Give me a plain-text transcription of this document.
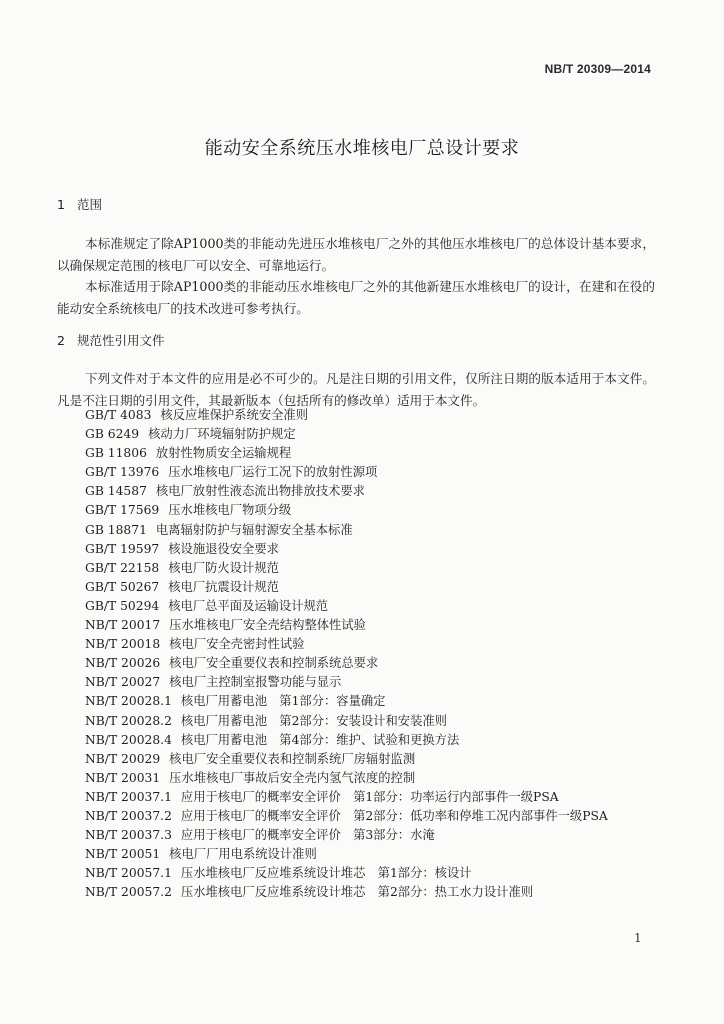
NB/T 20309—2014
能动安全系统压水堆核电厂总设计要求
1 范围

本标准规定了除AP1000类的非能动先进压水堆核电厂之外的其他压水堆核电厂的总体设计基本要求，以确保规定范围的核电厂可以安全、可靠地运行。

本标准适用于除AP1000类的非能动压水堆核电厂之外的其他新建压水堆核电厂的设计，在建和在役的能动安全系统核电厂的技术改进可参考执行。

2 规范性引用文件

下列文件对于本文件的应用是必不可少的。凡是注日期的引用文件，仅所注日期的版本适用于本文件。凡是不注日期的引用文件，其最新版本（包括所有的修改单）适用于本文件。

GB/T 4083 核反应堆保护系统安全准则
GB 6249 核动力厂环境辐射防护规定
GB 11806 放射性物质安全运输规程
GB/T 13976 压水堆核电厂运行工况下的放射性源项
GB 14587 核电厂放射性液态流出物排放技术要求
GB/T 17569 压水堆核电厂物项分级
GB 18871 电离辐射防护与辐射源安全基本标准
GB/T 19597 核设施退役安全要求
GB/T 22158 核电厂防火设计规范
GB/T 50267 核电厂抗震设计规范
GB/T 50294 核电厂总平面及运输设计规范
NB/T 20017 压水堆核电厂安全壳结构整体性试验
NB/T 20018 核电厂安全壳密封性试验
NB/T 20026 核电厂安全重要仪表和控制系统总要求
NB/T 20027 核电厂主控制室报警功能与显示
NB/T 20028.1 核电厂用蓄电池　第1部分：容量确定
NB/T 20028.2 核电厂用蓄电池　第2部分：安装设计和安装准则
NB/T 20028.4 核电厂用蓄电池　第4部分：维护、试验和更换方法
NB/T 20029 核电厂安全重要仪表和控制系统厂房辐射监测
NB/T 20031 压水堆核电厂事故后安全壳内氢气浓度的控制
NB/T 20037.1 应用于核电厂的概率安全评价　第1部分：功率运行内部事件一级PSA
NB/T 20037.2 应用于核电厂的概率安全评价　第2部分：低功率和停堆工况内部事件一级PSA
NB/T 20037.3 应用于核电厂的概率安全评价　第3部分：水淹
NB/T 20051 核电厂厂用电系统设计准则
NB/T 20057.1 压水堆核电厂反应堆系统设计堆芯　第1部分：核设计
NB/T 20057.2 压水堆核电厂反应堆系统设计堆芯　第2部分：热工水力设计准则
1
